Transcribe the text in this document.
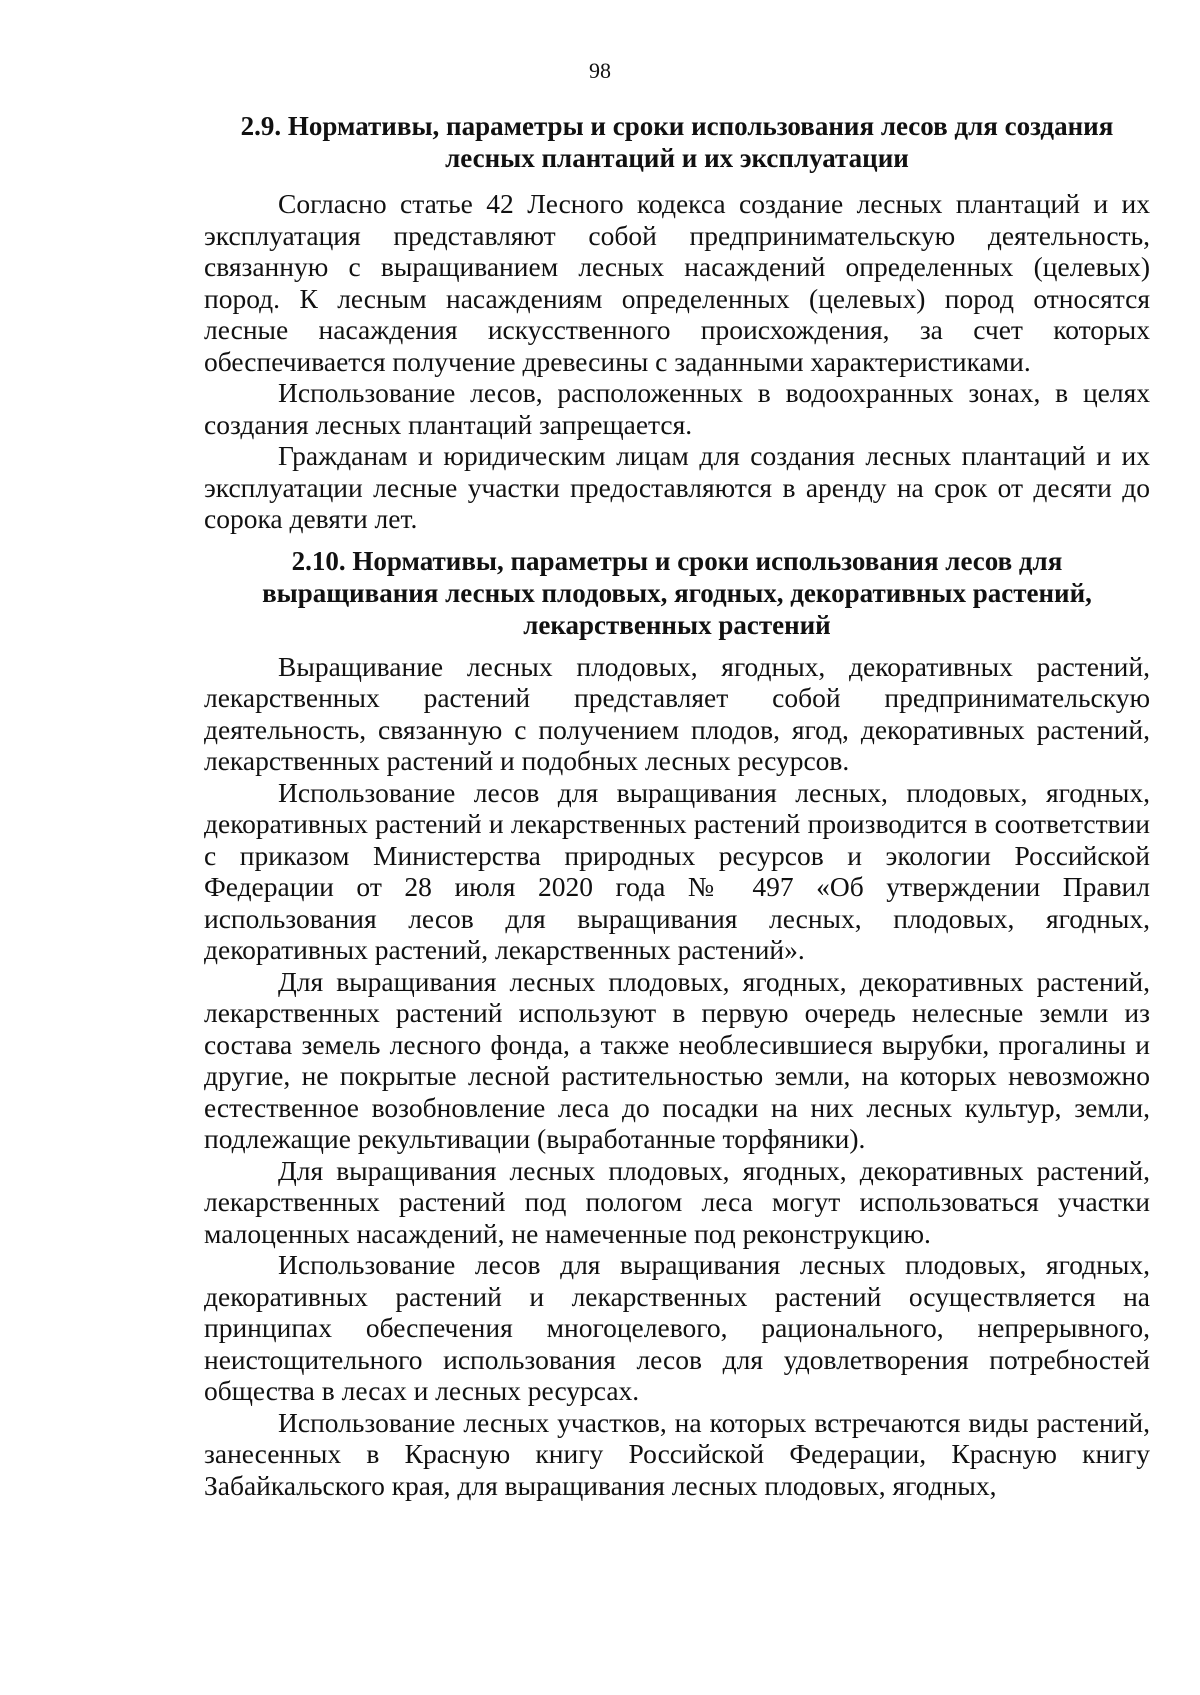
98
2.9. Нормативы, параметры и сроки использования лесов для создания лесных плантаций и их эксплуатации

Согласно статье 42 Лесного кодекса создание лесных плантаций и их эксплуатация представляют собой предпринимательскую деятельность, связанную с выращиванием лесных насаждений определенных (целевых) пород. К лесным насаждениям определенных (целевых) пород относятся лесные насаждения искусственного происхождения, за счет которых обеспечивается получение древесины с заданными характеристиками.

Использование лесов, расположенных в водоохранных зонах, в целях создания лесных плантаций запрещается.

Гражданам и юридическим лицам для создания лесных плантаций и их эксплуатации лесные участки предоставляются в аренду на срок от десяти до сорока девяти лет.

2.10. Нормативы, параметры и сроки использования лесов для выращивания лесных плодовых, ягодных, декоративных растений, лекарственных растений

Выращивание лесных плодовых, ягодных, декоративных растений, лекарственных растений представляет собой предпринимательскую деятельность, связанную с получением плодов, ягод, декоративных растений, лекарственных растений и подобных лесных ресурсов.

Использование лесов для выращивания лесных, плодовых, ягодных, декоративных растений и лекарственных растений производится в соответствии с приказом Министерства природных ресурсов и экологии Российской Федерации от 28 июля 2020 года № 497 «Об утверждении Правил использования лесов для выращивания лесных, плодовых, ягодных, декоративных растений, лекарственных растений».

Для выращивания лесных плодовых, ягодных, декоративных растений, лекарственных растений используют в первую очередь нелесные земли из состава земель лесного фонда, а также необлесившиеся вырубки, прогалины и другие, не покрытые лесной растительностью земли, на которых невозможно естественное возобновление леса до посадки на них лесных культур, земли, подлежащие рекультивации (выработанные торфяники).

Для выращивания лесных плодовых, ягодных, декоративных растений, лекарственных растений под пологом леса могут использоваться участки малоценных насаждений, не намеченные под реконструкцию.

Использование лесов для выращивания лесных плодовых, ягодных, декоративных растений и лекарственных растений осуществляется на принципах обеспечения многоцелевого, рационального, непрерывного, неистощительного использования лесов для удовлетворения потребностей общества в лесах и лесных ресурсах.

Использование лесных участков, на которых встречаются виды растений, занесенных в Красную книгу Российской Федерации, Красную книгу Забайкальского края, для выращивания лесных плодовых, ягодных,
